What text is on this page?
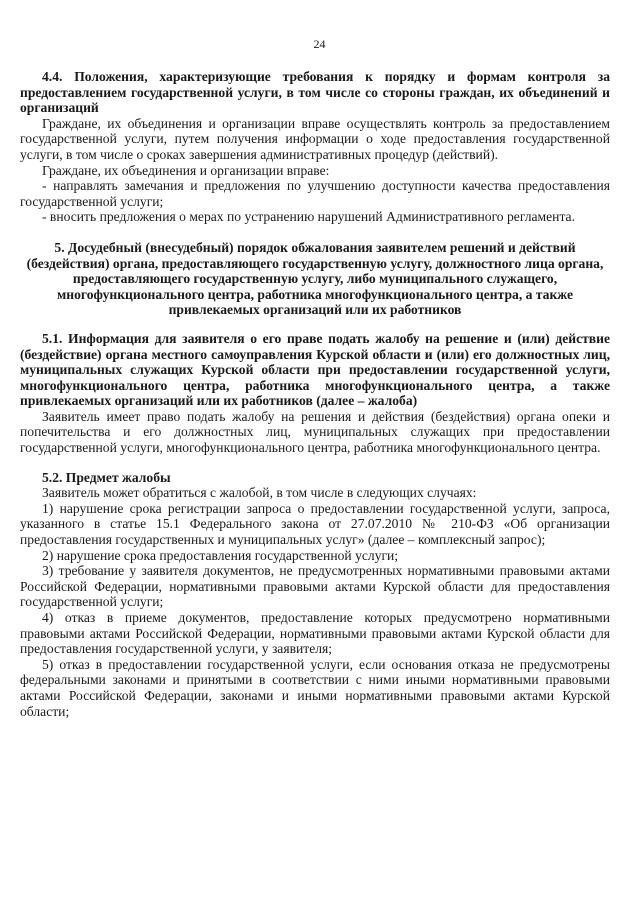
24

4.4. Положения, характеризующие требования к порядку и формам контроля за предоставлением государственной услуги, в том числе со стороны граждан, их объединений и организаций

Граждане, их объединения и организации вправе осуществлять контроль за предоставлением государственной услуги, путем получения информации о ходе предоставления государственной услуги, в том числе о сроках завершения административных процедур (действий).

Граждане, их объединения и организации вправе:

- направлять замечания и предложения по улучшению доступности качества предоставления государственной услуги;

- вносить предложения о мерах по устранению нарушений Административного регламента.

5. Досудебный (внесудебный) порядок обжалования заявителем решений и действий (бездействия) органа, предоставляющего государственную услугу, должностного лица органа, предоставляющего государственную услугу, либо муниципального служащего, многофункционального центра, работника многофункционального центра, а также привлекаемых организаций или их работников

5.1. Информация для заявителя о его праве подать жалобу на решение и (или) действие (бездействие) органа местного самоуправления Курской области и (или) его должностных лиц, муниципальных служащих Курской области при предоставлении государственной услуги, многофункционального центра, работника многофункционального центра, а также привлекаемых организаций или их работников (далее – жалоба)

Заявитель имеет право подать жалобу на решения и действия (бездействия) органа опеки и попечительства и его должностных лиц, муниципальных служащих при предоставлении государственной услуги, многофункционального центра, работника многофункционального центра.

5.2. Предмет жалобы

Заявитель может обратиться с жалобой, в том числе в следующих случаях:

1) нарушение срока регистрации запроса о предоставлении государственной услуги, запроса, указанного в статье 15.1 Федерального закона от 27.07.2010 № 210-ФЗ «Об организации предоставления государственных и муниципальных услуг» (далее – комплексный запрос);

2) нарушение срока предоставления государственной услуги;

3) требование у заявителя документов, не предусмотренных нормативными правовыми актами Российской Федерации, нормативными правовыми актами Курской области для предоставления государственной услуги;

4) отказ в приеме документов, предоставление которых предусмотрено нормативными правовыми актами Российской Федерации, нормативными правовыми актами Курской области для предоставления государственной услуги, у заявителя;

5) отказ в предоставлении государственной услуги, если основания отказа не предусмотрены федеральными законами и принятыми в соответствии с ними иными нормативными правовыми актами Российской Федерации, законами и иными нормативными правовыми актами Курской области;
